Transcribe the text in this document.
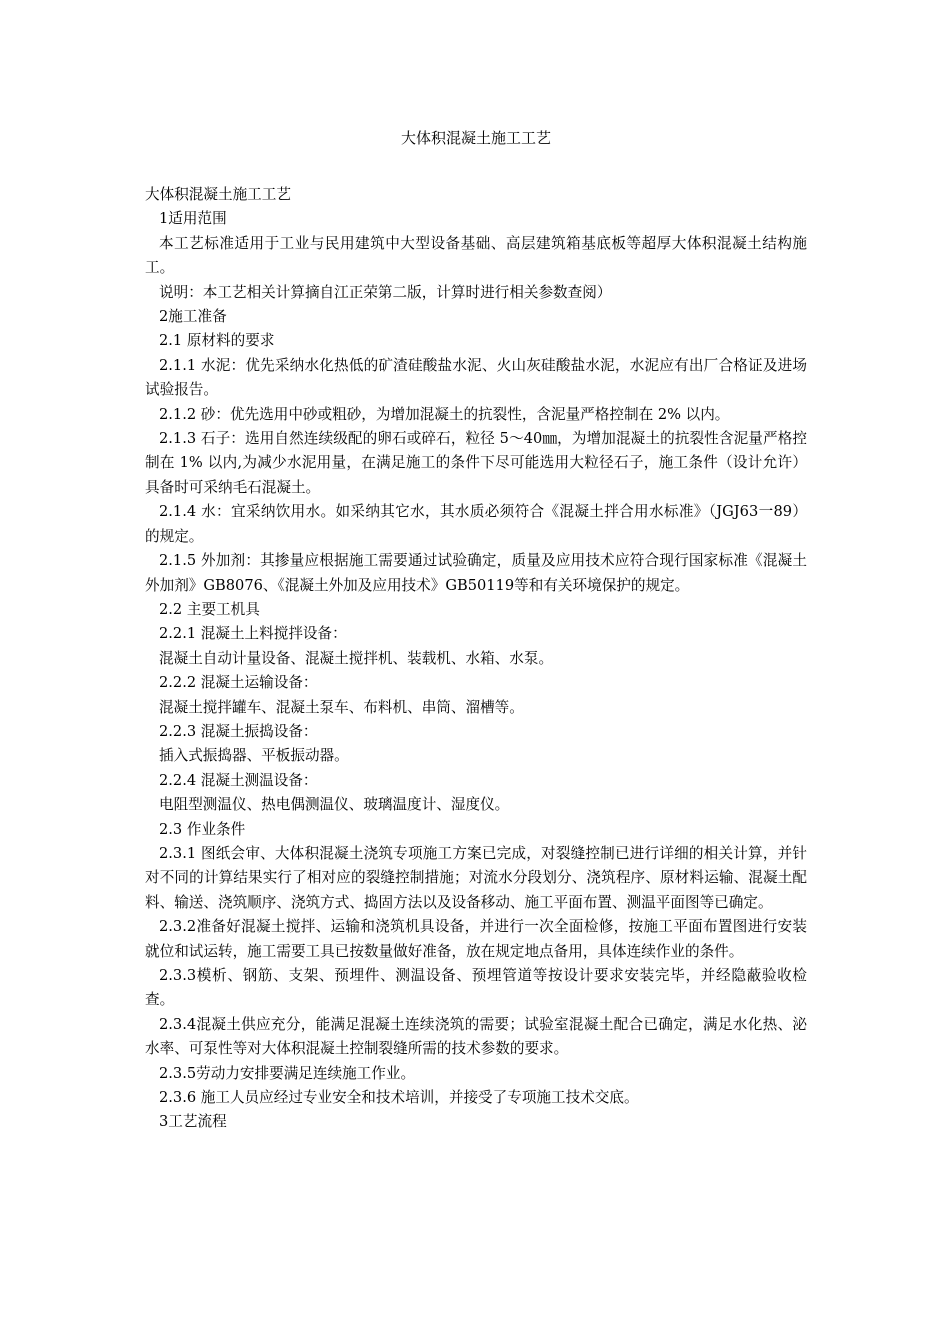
大体积混凝土施工工艺

大体积混凝土施工工艺

1适用范围

本工艺标准适用于工业与民用建筑中大型设备基础、高层建筑箱基底板等超厚大体积混凝土结构施工。

说明：本工艺相关计算摘自江正荣第二版，计算时进行相关参数查阅）

2施工准备

2.1 原材料的要求

2.1.1 水泥：优先采纳水化热低的矿渣硅酸盐水泥、火山灰硅酸盐水泥，水泥应有出厂合格证及进场试验报告。

2.1.2 砂：优先选用中砂或粗砂，为增加混凝土的抗裂性，含泥量严格控制在 2% 以内。

2.1.3 石子：选用自然连续级配的卵石或碎石，粒径 5～40㎜，为增加混凝土的抗裂性含泥量严格控制在 1% 以内,为减少水泥用量，在满足施工的条件下尽可能选用大粒径石子，施工条件（设计允许）具备时可采纳毛石混凝土。

2.1.4 水：宜采纳饮用水。如采纳其它水，其水质必须符合《混凝土拌合用水标准》（JGJ63一89）的规定。

2.1.5 外加剂：其掺量应根据施工需要通过试验确定，质量及应用技术应符合现行国家标准《混凝土外加剂》GB8076、《混凝土外加及应用技术》GB50119等和有关环境保护的规定。

2.2 主要工机具

2.2.1 混凝土上料搅拌设备：

混凝土自动计量设备、混凝土搅拌机、装载机、水箱、水泵。

2.2.2 混凝土运输设备：

混凝土搅拌罐车、混凝土泵车、布料机、串筒、溜槽等。

2.2.3 混凝土振捣设备：

插入式振捣器、平板振动器。

2.2.4 混凝土测温设备：

电阻型测温仪、热电偶测温仪、玻璃温度计、湿度仪。

2.3 作业条件

2.3.1 图纸会审、大体积混凝土浇筑专项施工方案已完成，对裂缝控制已进行详细的相关计算，并针对不同的计算结果实行了相对应的裂缝控制措施；对流水分段划分、浇筑程序、原材料运输、混凝土配料、输送、浇筑顺序、浇筑方式、捣固方法以及设备移动、施工平面布置、测温平面图等已确定。

2.3.2准备好混凝土搅拌、运输和浇筑机具设备，并进行一次全面检修，按施工平面布置图进行安装就位和试运转，施工需要工具已按数量做好准备，放在规定地点备用，具体连续作业的条件。

2.3.3模析、钢筋、支架、预埋件、测温设备、预埋管道等按设计要求安装完毕，并经隐蔽验收检查。

2.3.4混凝土供应充分，能满足混凝土连续浇筑的需要；试验室混凝土配合已确定，满足水化热、泌水率、可泵性等对大体积混凝土控制裂缝所需的技术参数的要求。

2.3.5劳动力安排要满足连续施工作业。

2.3.6 施工人员应经过专业安全和技术培训，并接受了专项施工技术交底。

3工艺流程
